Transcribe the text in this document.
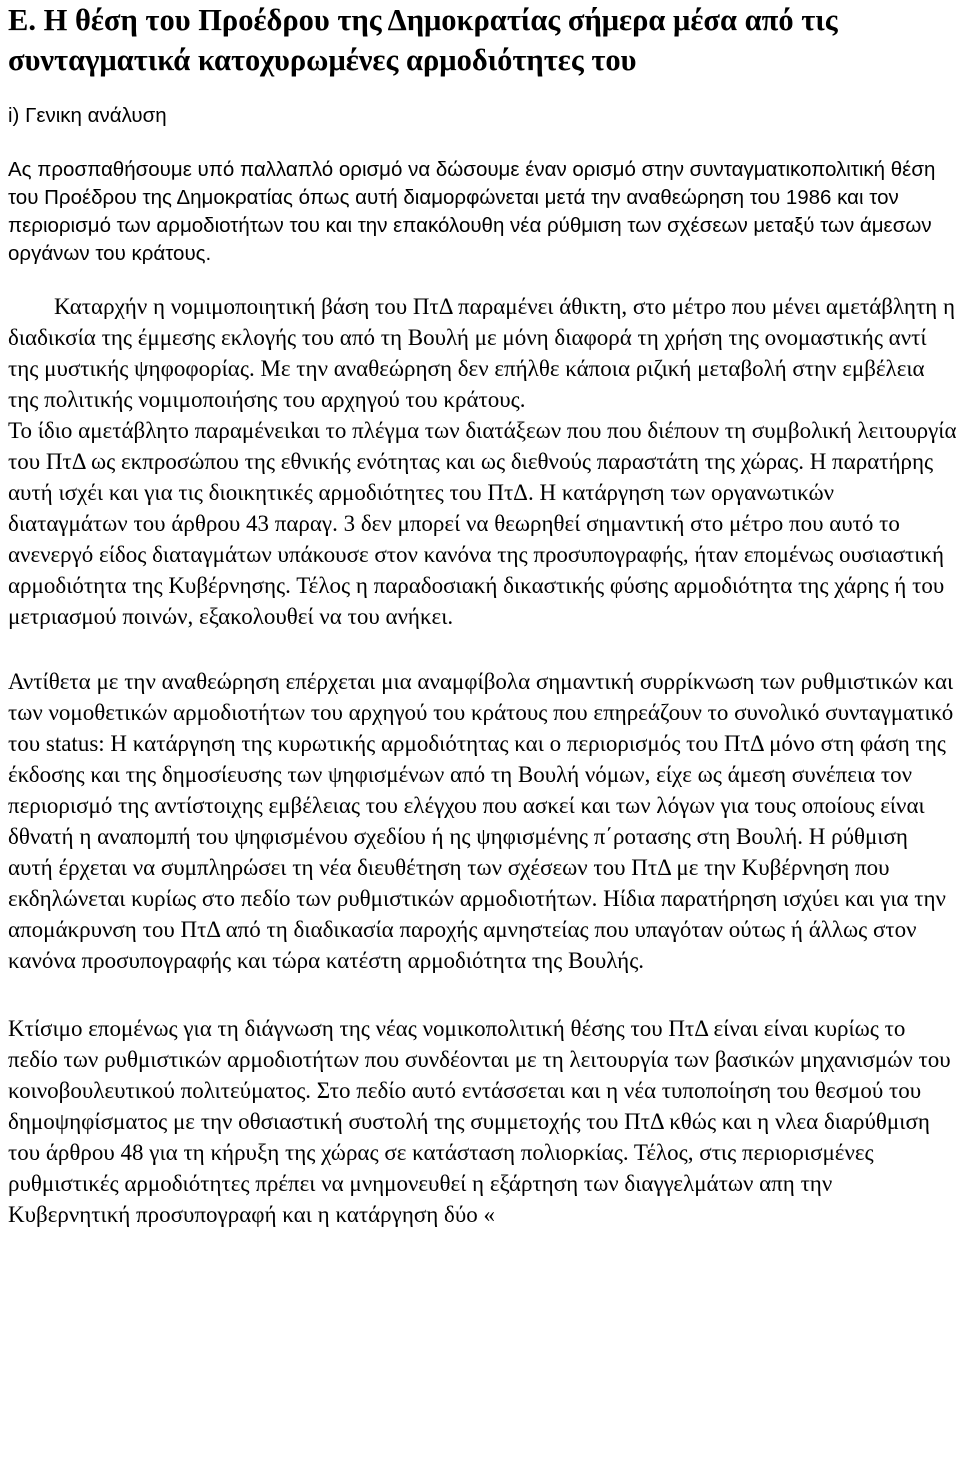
Ε. Η θέση του Προέδρου της Δημοκρατίας σήμερα μέσα από τις συνταγματικά κατοχυρωμένες αρμοδιότητες του

i) Γενικη ανάλυση

Ας προσπαθήσουμε υπό παλλαπλό ορισμό να δώσουμε έναν ορισμό στην συνταγματικοπολιτική θέση του Προέδρου της Δημοκρατίας όπως αυτή διαμορφώνεται μετά την αναθεώρηση του 1986 και τον περιορισμό των αρμοδιοτήτων του και την επακόλουθη νέα ρύθμιση των σχέσεων μεταξύ των άμεσων οργάνων του κράτους.

Καταρχήν η νομιμοποιητική βάση του ΠτΔ παραμένει άθικτη, στο μέτρο που μένει αμετάβλητη η διαδικσία της έμμεσης εκλογής του από τη Βουλή με μόνη διαφορά τη χρήση της ονομαστικής αντί της μυστικής ψηφοφορίας. Με την αναθεώρηση δεν επήλθε κάποια ριζική μεταβολή στην εμβέλεια της πολιτικής νομιμοποιήσης του αρχηγού του κράτους.

Το ίδιο αμετάβλητο παραμένειkαι το πλέγμα των διατάξεων που που διέπουν τη συμβολική λειτουργία του ΠτΔ ως εκπροσώπου της εθνικής ενότητας και ως διεθνούς παραστάτη της χώρας. Η παρατήρης αυτή ισχέι και για τις διοικητικές αρμοδιότητες του ΠτΔ. Η κατάργηση των οργανωτικών διαταγμάτων του άρθρου 43 παραγ. 3 δεν μπορεί να θεωρηθεί σημαντική στο μέτρο που αυτό το ανενεργό είδος διαταγμάτων υπάκουσε στον κανόνα της προσυπογραφής, ήταν επομένως ουσιαστική αρμοδιότητα της Κυβέρνησης. Τέλος η παραδοσιακή δικαστικής φύσης αρμοδιότητα της χάρης ή του μετριασμού ποινών, εξακολουθεί να του ανήκει.

Αντίθετα με την αναθεώρηση επέρχεται μια αναμφίβολα σημαντική συρρίκνωση των ρυθμιστικών και των νομοθετικών αρμοδιοτήτων του αρχηγού του κράτους που επηρεάζουν το συνολικό συνταγματικό του status: Η κατάργηση της κυρωτικής αρμοδιότητας και ο περιορισμός του ΠτΔ μόνο στη φάση της έκδοσης και της δημοσίευσης των ψηφισμένων από τη Βουλή νόμων, είχε ως άμεση συνέπεια τον περιορισμό της αντίστοιχης εμβέλειας του ελέγχου που ασκεί και των λόγων για τους οποίους είναι δθνατή η αναπομπή του ψηφισμένου σχεδίου ή ης ψηφισμένης π΄ροτασης στη Βουλή. Η ρύθμιση αυτή έρχεται να συμπληρώσει τη νέα διευθέτηση των σχέσεων του ΠτΔ με την Κυβέρνηση που εκδηλώνεται κυρίως στο πεδίο των ρυθμιστικών αρμοδιοτήτων. Ηίδια παρατήρηση ισχύει και για την απομάκρυνση του ΠτΔ από τη διαδικασία παροχής αμνηστείας που υπαγόταν ούτως ή άλλως στον κανόνα προσυπογραφής και τώρα κατέστη αρμοδιότητα της Βουλής.

Κτίσιμο επομένως για τη διάγνωση της νέας νομικοπολιτική θέσης του ΠτΔ είναι είναι κυρίως το πεδίο των ρυθμιστικών αρμοδιοτήτων που συνδέονται με τη λειτουργία των βασικών μηχανισμών του κοινοβουλευτικού πολιτεύματος. Στο πεδίο αυτό εντάσσεται και η νέα τυποποίηση του θεσμού του δημοψηφίσματος με την οθσιαστική συστολή της συμμετοχής του ΠτΔ κθώς και η νλεα διαρύθμιση του άρθρου 48 για τη κήρυξη της χώρας σε κατάσταση πολιορκίας. Τέλος, στις περιορισμένες ρυθμιστικές αρμοδιότητες πρέπει να μνημονευθεί η εξάρτηση των διαγγελμάτων απη την Κυβερνητική προσυπογραφή και η κατάργηση δύο «
